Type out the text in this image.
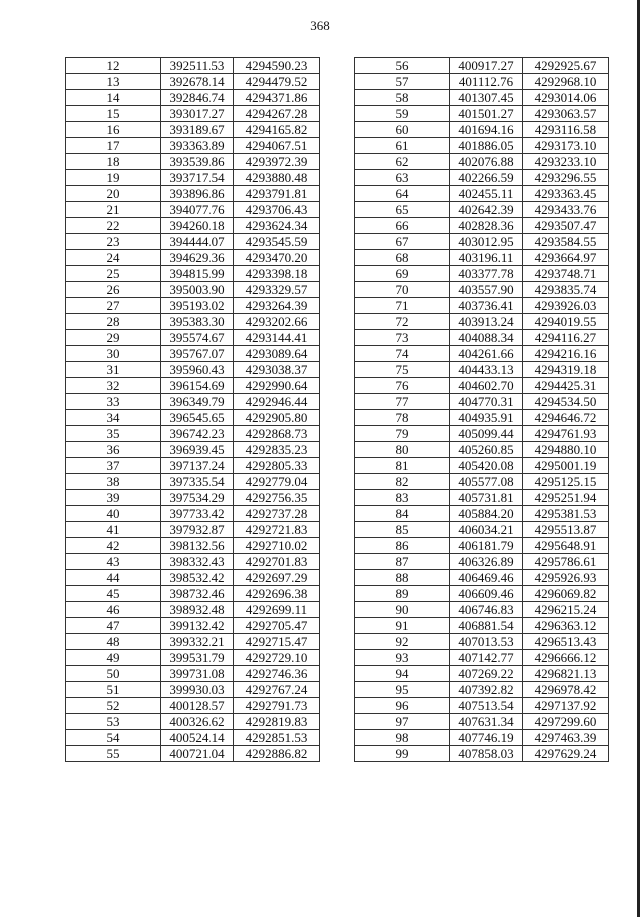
368
12	392511.53	4294590.23
13	392678.14	4294479.52
14	392846.74	4294371.86
15	393017.27	4294267.28
16	393189.67	4294165.82
17	393363.89	4294067.51
18	393539.86	4293972.39
19	393717.54	4293880.48
20	393896.86	4293791.81
21	394077.76	4293706.43
22	394260.18	4293624.34
23	394444.07	4293545.59
24	394629.36	4293470.20
25	394815.99	4293398.18
26	395003.90	4293329.57
27	395193.02	4293264.39
28	395383.30	4293202.66
29	395574.67	4293144.41
30	395767.07	4293089.64
31	395960.43	4293038.37
32	396154.69	4292990.64
33	396349.79	4292946.44
34	396545.65	4292905.80
35	396742.23	4292868.73
36	396939.45	4292835.23
37	397137.24	4292805.33
38	397335.54	4292779.04
39	397534.29	4292756.35
40	397733.42	4292737.28
41	397932.87	4292721.83
42	398132.56	4292710.02
43	398332.43	4292701.83
44	398532.42	4292697.29
45	398732.46	4292696.38
46	398932.48	4292699.11
47	399132.42	4292705.47
48	399332.21	4292715.47
49	399531.79	4292729.10
50	399731.08	4292746.36
51	399930.03	4292767.24
52	400128.57	4292791.73
53	400326.62	4292819.83
54	400524.14	4292851.53
55	400721.04	4292886.82
56	400917.27	4292925.67
57	401112.76	4292968.10
58	401307.45	4293014.06
59	401501.27	4293063.57
60	401694.16	4293116.58
61	401886.05	4293173.10
62	402076.88	4293233.10
63	402266.59	4293296.55
64	402455.11	4293363.45
65	402642.39	4293433.76
66	402828.36	4293507.47
67	403012.95	4293584.55
68	403196.11	4293664.97
69	403377.78	4293748.71
70	403557.90	4293835.74
71	403736.41	4293926.03
72	403913.24	4294019.55
73	404088.34	4294116.27
74	404261.66	4294216.16
75	404433.13	4294319.18
76	404602.70	4294425.31
77	404770.31	4294534.50
78	404935.91	4294646.72
79	405099.44	4294761.93
80	405260.85	4294880.10
81	405420.08	4295001.19
82	405577.08	4295125.15
83	405731.81	4295251.94
84	405884.20	4295381.53
85	406034.21	4295513.87
86	406181.79	4295648.91
87	406326.89	4295786.61
88	406469.46	4295926.93
89	406609.46	4296069.82
90	406746.83	4296215.24
91	406881.54	4296363.12
92	407013.53	4296513.43
93	407142.77	4296666.12
94	407269.22	4296821.13
95	407392.82	4296978.42
96	407513.54	4297137.92
97	407631.34	4297299.60
98	407746.19	4297463.39
99	407858.03	4297629.24
